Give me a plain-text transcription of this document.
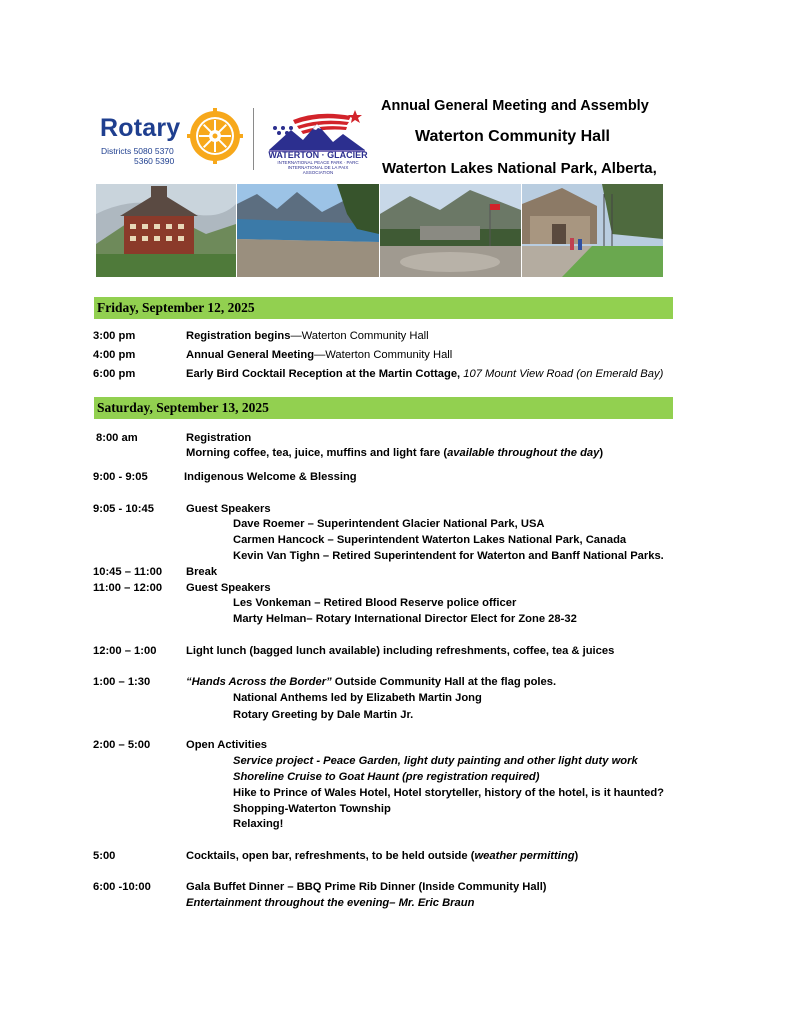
Rotary
Districts 5080 5370
5360 5390
WATERTON · GLACIER
INTERNATIONAL PEACE PARK · PARC INTERNATIONAL DE LA PAIX
ASSOCIATION
Annual General Meeting and Assembly
Waterton Community Hall
Waterton Lakes National Park, Alberta,
Friday, September 12, 2025
3:00 pm	Registration begins—Waterton Community Hall
4:00 pm	Annual General Meeting—Waterton Community Hall
6:00 pm	Early Bird Cocktail Reception at the Martin Cottage, 107 Mount View Road (on Emerald Bay)
Saturday, September 13, 2025
8:00 am	Registration
Morning coffee, tea, juice, muffins and light fare (available throughout the day)
9:00 - 9:05	Indigenous Welcome & Blessing
9:05 - 10:45	Guest Speakers
Dave Roemer – Superintendent Glacier National Park, USA
Carmen Hancock – Superintendent Waterton Lakes National Park, Canada
Kevin Van Tighn – Retired Superintendent for Waterton and Banff National Parks.
10:45 – 11:00 Break
11:00 – 12:00 Guest Speakers
Les Vonkeman – Retired Blood Reserve police officer
Marty Helman– Rotary International Director Elect for Zone 28-32
12:00 – 1:00	Light lunch (bagged lunch available) including refreshments, coffee, tea & juices
1:00 – 1:30	“Hands Across the Border” Outside Community Hall at the flag poles.
National Anthems led by Elizabeth Martin Jong
Rotary Greeting by Dale Martin Jr.
2:00 – 5:00	Open Activities
Service project - Peace Garden, light duty painting and other light duty work
Shoreline Cruise to Goat Haunt (pre registration required)
Hike to Prince of Wales Hotel, Hotel storyteller, history of the hotel, is it haunted?
Shopping-Waterton Township
Relaxing!
5:00	Cocktails, open bar, refreshments, to be held outside (weather permitting)
6:00 -10:00	Gala Buffet Dinner – BBQ Prime Rib Dinner (Inside Community Hall)
Entertainment throughout the evening– Mr. Eric Braun
